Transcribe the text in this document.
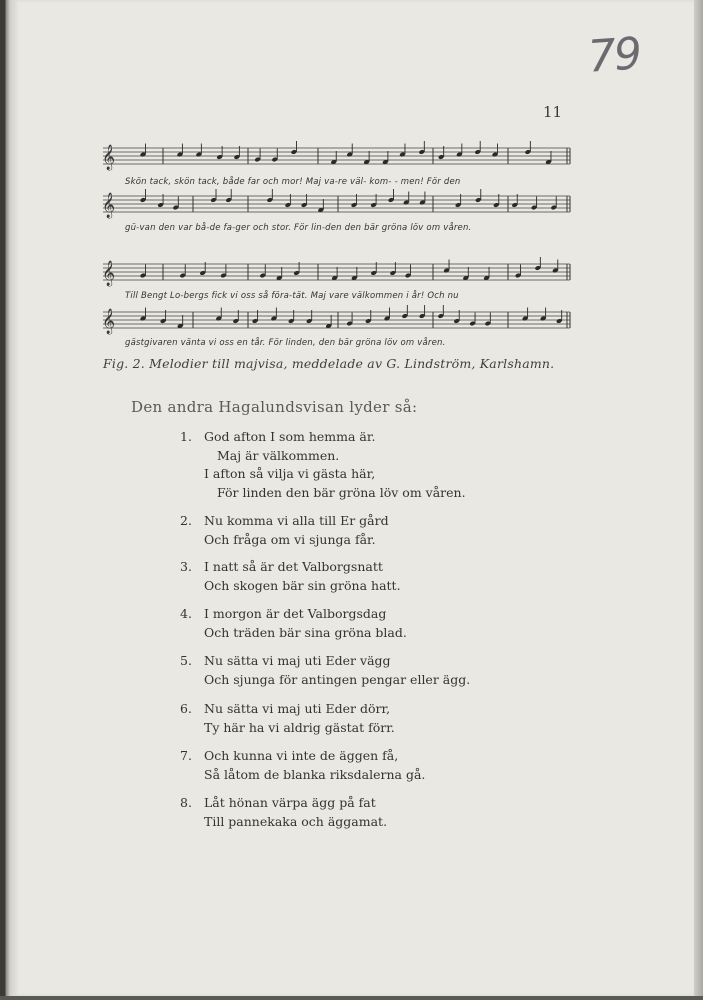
79
11
𝄞
Skön tack, skön tack, både far och mor! Maj va-re väl- kom- - men! För den
𝄞
gü-van den var bå-de fa-ger och stor. För lin-den den bär gröna löv om våren.
𝄞
Till Bengt Lo-bergs fick vi oss så föra-tät. Maj vare välkommen i år! Och nu
𝄞
gästgivaren vänta vi oss en tår. För linden, den bär gröna löv om våren.
Fig. 2. Melodier till majvisa, meddelade av G. Lindström, Karlshamn.
Den andra Hagalundsvisan lyder så:
1. God afton I som hemma är.
Maj är välkommen.
I afton så vilja vi gästa här,
För linden den bär gröna löv om våren.
2. Nu komma vi alla till Er gård
Och fråga om vi sjunga får.
3. I natt så är det Valborgsnatt
Och skogen bär sin gröna hatt.
4. I morgon är det Valborgsdag
Och träden bär sina gröna blad.
5. Nu sätta vi maj uti Eder vägg
Och sjunga för antingen pengar eller ägg.
6. Nu sätta vi maj uti Eder dörr,
Ty här ha vi aldrig gästat förr.
7. Och kunna vi inte de äggen få,
Så låtom de blanka riksdalerna gå.
8. Låt hönan värpa ägg på fat
Till pannekaka och äggamat.
